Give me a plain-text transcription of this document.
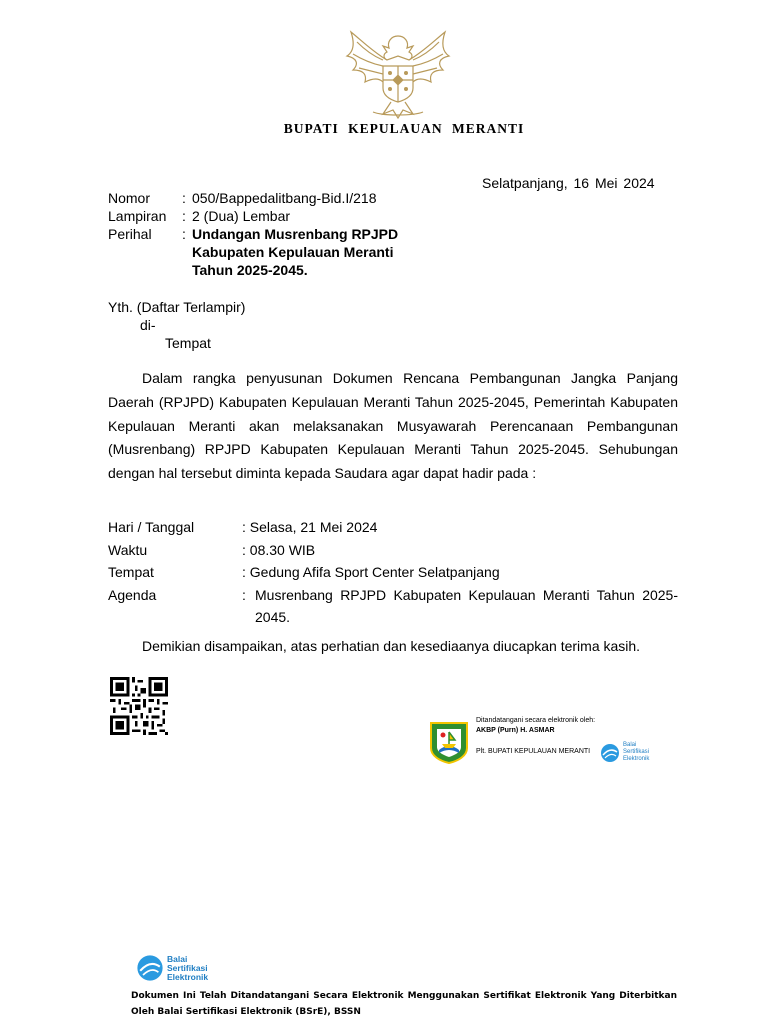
BUPATI KEPULAUAN MERANTI
Selatpanjang, 16 Mei 2024
Nomor	: 050/Bappedalitbang-Bid.I/218
Lampiran	: 2 (Dua) Lembar
Perihal	: Undangan Musrenbang RPJPD Kabupaten Kepulauan Meranti Tahun 2025-2045.
Yth. (Daftar Terlampir)
di-
Tempat
Dalam rangka penyusunan Dokumen Rencana Pembangunan Jangka Panjang Daerah (RPJPD) Kabupaten Kepulauan Meranti Tahun 2025-2045, Pemerintah Kabupaten Kepulauan Meranti akan melaksanakan Musyawarah Perencanaan Pembangunan (Musrenbang) RPJPD Kabupaten Kepulauan Meranti Tahun 2025-2045. Sehubungan dengan hal tersebut diminta kepada Saudara agar dapat hadir pada :
Hari / Tanggal	: Selasa, 21 Mei 2024
Waktu	: 08.30 WIB
Tempat	: Gedung Afifa Sport Center Selatpanjang
Agenda	: Musrenbang RPJPD Kabupaten Kepulauan Meranti Tahun 2025-2045.
Demikian disampaikan, atas perhatian dan kesediaanya diucapkan terima kasih.
Ditandatangani secara elektronik oleh:
AKBP (Purn) H. ASMAR
Plt. BUPATI KEPULAUAN MERANTI
Balai
Sertifikasi
Elektronik
Balai
Sertifikasi
Elektronik
Dokumen Ini Telah Ditandatangani Secara Elektronik Menggunakan Sertifikat Elektronik Yang Diterbitkan Oleh Balai Sertifikasi Elektronik (BSrE), BSSN
